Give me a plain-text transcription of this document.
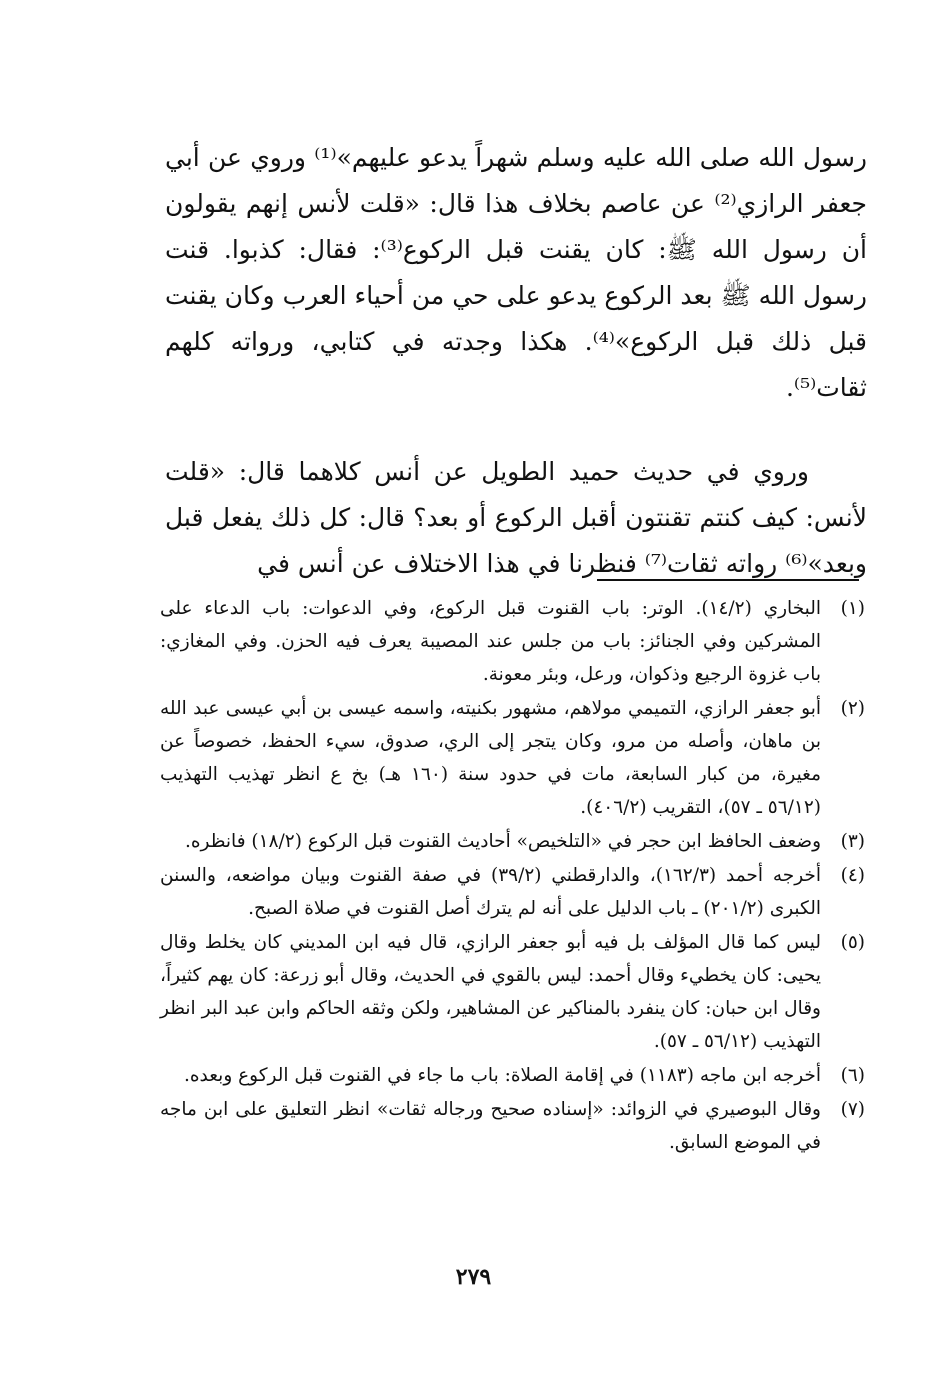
رسول الله صلى الله عليه وسلم شهراً يدعو عليهم»⁽¹⁾ وروي عن أبي جعفر الرازي⁽²⁾ عن عاصم بخلاف هذا قال: «قلت لأنس إنهم يقولون أن رسول الله ﷺ: كان يقنت قبل الركوع⁽³⁾: فقال: كذبوا. قنت رسول الله ﷺ بعد الركوع يدعو على حي من أحياء العرب وكان يقنت قبل ذلك قبل الركوع»⁽⁴⁾. هكذا وجدته في كتابي، ورواته كلهم ثقات⁽⁵⁾.

وروي في حديث حميد الطويل عن أنس كلاهما قال: «قلت لأنس: كيف كنتم تقنتون أقبل الركوع أو بعد؟ قال: كل ذلك يفعل قبل وبعد»⁽⁶⁾ رواته ثقات⁽⁷⁾ فنظرنا في هذا الاختلاف عن أنس في

(١)
البخاري (١٤/٢). الوتر: باب القنوت قبل الركوع، وفي الدعوات: باب الدعاء على المشركين وفي الجنائز: باب من جلس عند المصيبة يعرف فيه الحزن. وفي المغازي: باب غزوة الرجيع وذكوان، ورعل، وبئر معونة.
(٢)
أبو جعفر الرازي، التميمي مولاهم، مشهور بكنيته، واسمه عيسى بن أبي عيسى عبد الله بن ماهان، وأصله من مرو، وكان يتجر إلى الري، صدوق، سيء الحفظ، خصوصاً عن مغيرة، من كبار السابعة، مات في حدود سنة (١٦٠ هـ) بخ ع انظر تهذيب التهذيب (٥٦/١٢ ـ ٥٧)، التقريب (٤٠٦/٢).
(٣)
وضعف الحافظ ابن حجر في «التلخيص» أحاديث القنوت قبل الركوع (١٨/٢) فانظره.
(٤)
أخرجه أحمد (١٦٢/٣)، والدارقطني (٣٩/٢) في صفة القنوت وبيان مواضعه، والسنن الكبرى (٢٠١/٢) ـ باب الدليل على أنه لم يترك أصل القنوت في صلاة الصبح.
(٥)
ليس كما قال المؤلف بل فيه أبو جعفر الرازي، قال فيه ابن المديني كان يخلط وقال يحيى: كان يخطيء وقال أحمد: ليس بالقوي في الحديث، وقال أبو زرعة: كان يهم كثيراً، وقال ابن حبان: كان ينفرد بالمناكير عن المشاهير، ولكن وثقه الحاكم وابن عبد البر انظر التهذيب (٥٦/١٢ ـ ٥٧).
(٦)
أخرجه ابن ماجه (١١٨٣) في إقامة الصلاة: باب ما جاء في القنوت قبل الركوع وبعده.
(٧)
وقال البوصيري في الزوائد: «إسناده صحيح ورجاله ثقات» انظر التعليق على ابن ماجه في الموضع السابق.
٢٧٩
